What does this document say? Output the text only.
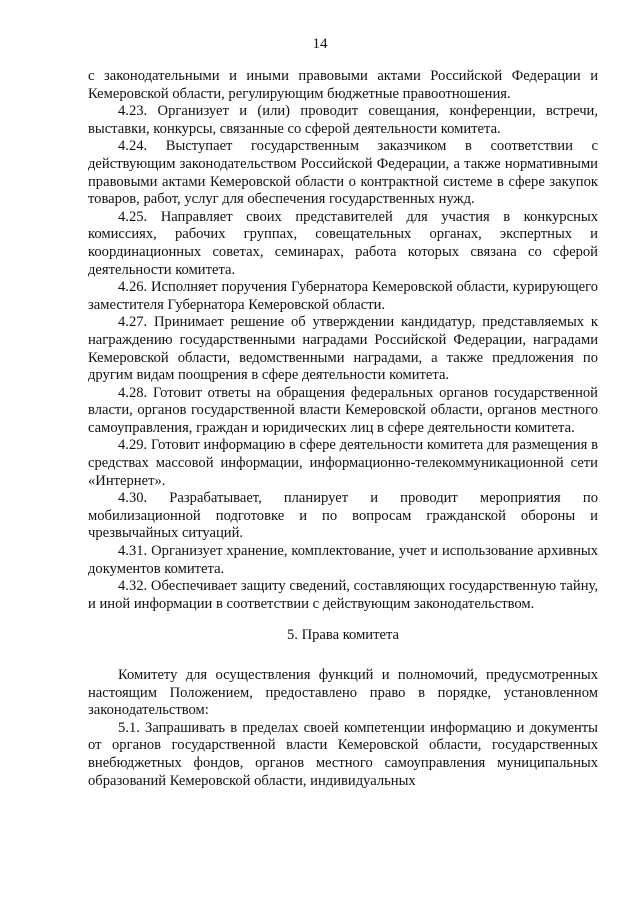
14

с законодательными и иными правовыми актами Российской Федерации и Кемеровской области, регулирующим бюджетные правоотношения.

4.23. Организует и (или) проводит совещания, конференции, встречи, выставки, конкурсы, связанные со сферой деятельности комитета.

4.24. Выступает государственным заказчиком в соответствии с действующим законодательством Российской Федерации, а также нормативными правовыми актами Кемеровской области о контрактной системе в сфере закупок товаров, работ, услуг для обеспечения государственных нужд.

4.25. Направляет своих представителей для участия в конкурсных комиссиях, рабочих группах, совещательных органах, экспертных и координационных советах, семинарах, работа которых связана со сферой деятельности комитета.

4.26. Исполняет поручения Губернатора Кемеровской области, курирующего заместителя Губернатора Кемеровской области.

4.27. Принимает решение об утверждении кандидатур, представляемых к награждению государственными наградами Российской Федерации, наградами Кемеровской области, ведомственными наградами, а также предложения по другим видам поощрения в сфере деятельности комитета.

4.28. Готовит ответы на обращения федеральных органов государственной власти, органов государственной власти Кемеровской области, органов местного самоуправления, граждан и юридических лиц в сфере деятельности комитета.

4.29. Готовит информацию в сфере деятельности комитета для размещения в средствах массовой информации, информационно-телекоммуникационной сети «Интернет».

4.30. Разрабатывает, планирует и проводит мероприятия по мобилизационной подготовке и по вопросам гражданской обороны и чрезвычайных ситуаций.

4.31. Организует хранение, комплектование, учет и использование архивных документов комитета.

4.32. Обеспечивает защиту сведений, составляющих государственную тайну, и иной информации в соответствии с действующим законодательством.

5. Права комитета

Комитету для осуществления функций и полномочий, предусмотренных настоящим Положением, предоставлено право в порядке, установленном законодательством:

5.1. Запрашивать в пределах своей компетенции информацию и документы от органов государственной власти Кемеровской области, государственных внебюджетных фондов, органов местного самоуправления муниципальных образований Кемеровской области, индивидуальных
